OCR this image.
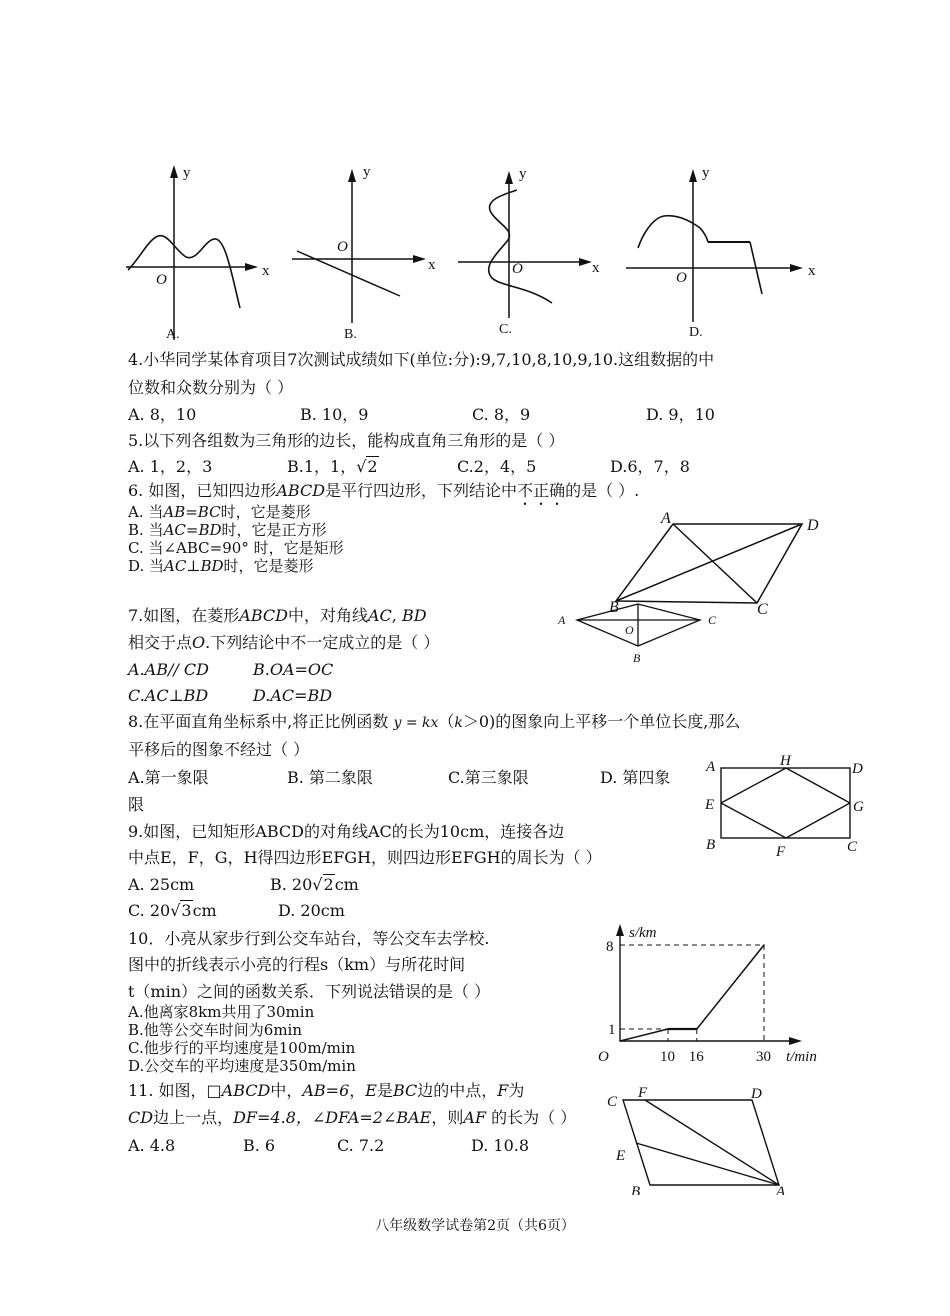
y
x
O
A.
y
x
O
B.
y
x
O
C.
y
x
O
D.
4.小华同学某体育项目7次测试成绩如下(单位:分):9,7,10,8,10,9,10.这组数据的中
位数和众数分别为（ ）
A. 8，10	B. 10，9	C. 8，9	D. 9，10
5.以下列各组数为三角形的边长，能构成直角三角形的是（ ）
A. 1，2，3	B.1，1，√2	C.2，4，5	D.6，7，8
6. 如图，已知四边形ABCD是平行四边形，下列结论中不正确的是（ ）.
A. 当AB=BC时，它是菱形
B. 当AC=BD时，它是正方形
C. 当∠ABC=90° 时，它是矩形
D. 当AC⊥BD时，它是菱形
A
B	C
D
7.如图，在菱形ABCD中，对角线AC, BD
相交于点O.下列结论中不一定成立的是（ ）
A.AB// CD	B.OA=OC
C.AC⊥BD	D.AC=BD
A
O
C
B
8.在平面直角坐标系中,将正比例函数 y = kx（k＞0)的图象向上平移一个单位长度,那么
平移后的图象不经过（ ）
A.第一象限	B. 第二象限	C.第三象限	D. 第四象
限
9.如图，已知矩形ABCD的对角线AC的长为10cm，连接各边
中点E，F，G，H得四边形EFGH，则四边形EFGH的周长为（ ）
A. 25cm	B. 20√2cm
C. 20√3cm	D. 20cm
A	H	D
E	G
B	F	C
10．小亮从家步行到公交车站台，等公交车去学校.
图中的折线表示小亮的行程s（km）与所花时间
t（min）之间的函数关系．下列说法错误的是（ ）
A.他离家8km共用了30min
B.他等公交车时间为6min
C.他步行的平均速度是100m/min
D.公交车的平均速度是350m/min	10 16	30
1
8
O
s/km
t/min
11. 如图，□ABCD中，AB=6，E是BC边的中点，F为
CD边上一点，DF=4.8，∠DFA=2∠BAE，则AF 的长为（ ）
A. 4.8	B. 6	C. 7.2	D. 10.8
C
F	D
E
B	A
八年级数学试卷第2页（共6页）
